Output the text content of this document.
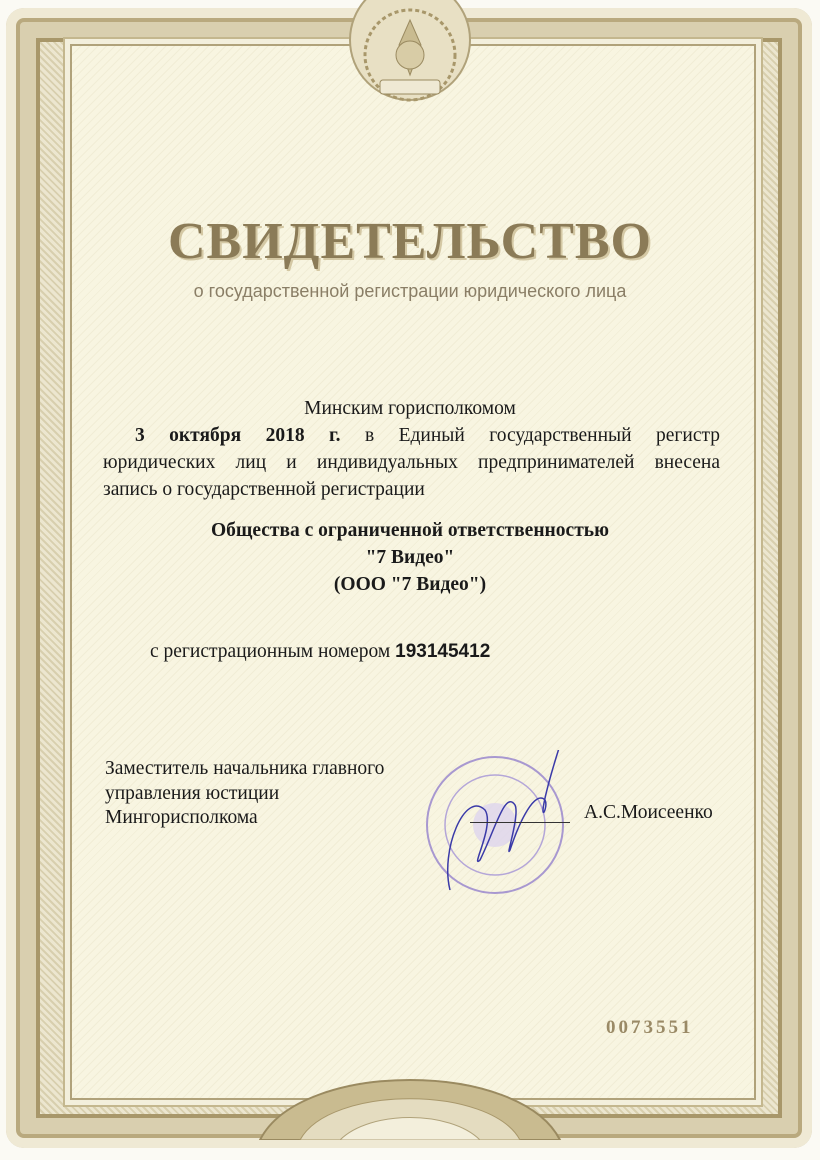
СВИДЕТЕЛЬСТВО
о государственной регистрации юридического лица
Минским горисполкомом
3 октября 2018 г. в Единый государственный регистр
юридических лиц и индивидуальных предпринимателей внесена
запись о государственной регистрации
Общества с ограниченной ответственностью
"7 Видео"
(ООО "7 Видео")
с регистрационным номером 193145412
Заместитель начальника главного
управления юстиции
Мингорисполкома	А.С.Моисеенко
0073551
